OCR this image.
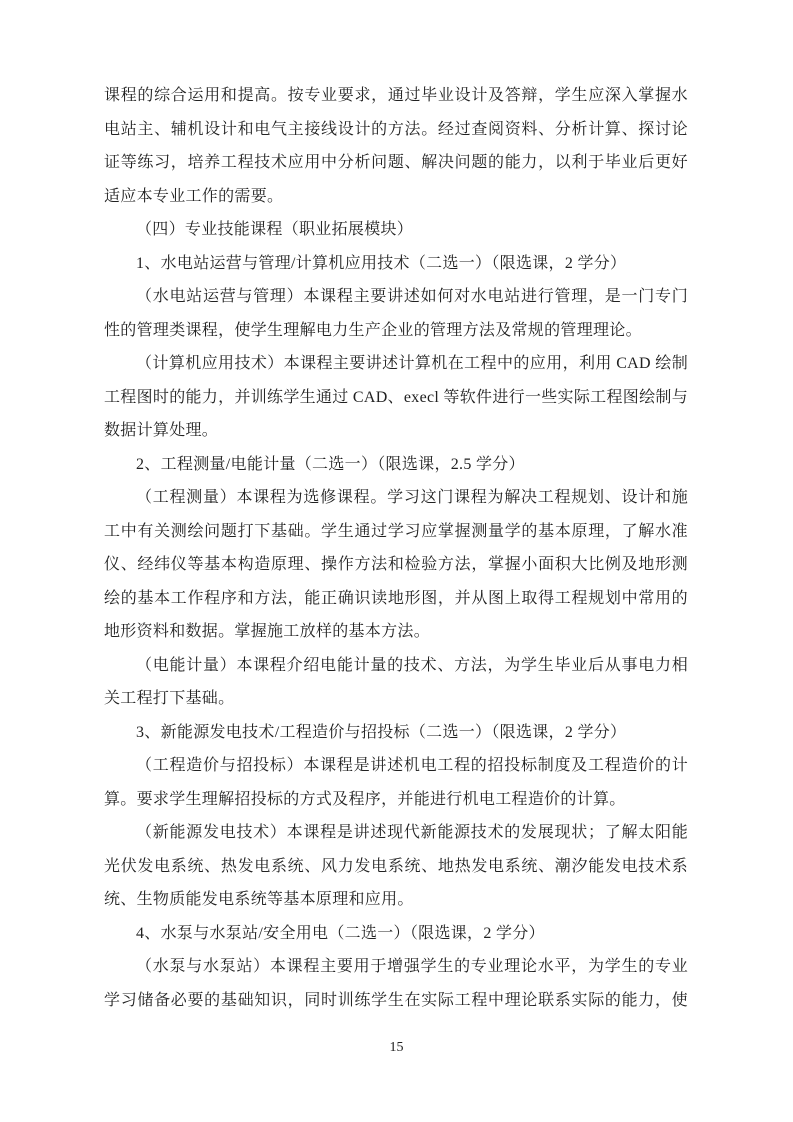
课程的综合运用和提高。按专业要求，通过毕业设计及答辩，学生应深入掌握水
电站主、辅机设计和电气主接线设计的方法。经过查阅资料、分析计算、探讨论
证等练习，培养工程技术应用中分析问题、解决问题的能力，以利于毕业后更好
适应本专业工作的需要。

（四）专业技能课程（职业拓展模块）

1、水电站运营与管理/计算机应用技术（二选一）（限选课，2 学分）

（水电站运营与管理）本课程主要讲述如何对水电站进行管理，是一门专门
性的管理类课程，使学生理解电力生产企业的管理方法及常规的管理理论。

（计算机应用技术）本课程主要讲述计算机在工程中的应用，利用 CAD 绘制
工程图时的能力，并训练学生通过 CAD、execl 等软件进行一些实际工程图绘制与
数据计算处理。

2、工程测量/电能计量（二选一）（限选课，2.5 学分）

（工程测量）本课程为选修课程。学习这门课程为解决工程规划、设计和施
工中有关测绘问题打下基础。学生通过学习应掌握测量学的基本原理，了解水准
仪、经纬仪等基本构造原理、操作方法和检验方法，掌握小面积大比例及地形测
绘的基本工作程序和方法，能正确识读地形图，并从图上取得工程规划中常用的
地形资料和数据。掌握施工放样的基本方法。

（电能计量）本课程介绍电能计量的技术、方法，为学生毕业后从事电力相
关工程打下基础。

3、新能源发电技术/工程造价与招投标（二选一）（限选课，2 学分）

（工程造价与招投标）本课程是讲述机电工程的招投标制度及工程造价的计
算。要求学生理解招投标的方式及程序，并能进行机电工程造价的计算。

（新能源发电技术）本课程是讲述现代新能源技术的发展现状；了解太阳能
光伏发电系统、热发电系统、风力发电系统、地热发电系统、潮汐能发电技术系
统、生物质能发电系统等基本原理和应用。

4、水泵与水泵站/安全用电（二选一）（限选课，2 学分）

（水泵与水泵站）本课程主要用于增强学生的专业理论水平，为学生的专业
学习储备必要的基础知识，同时训练学生在实际工程中理论联系实际的能力，使

15
